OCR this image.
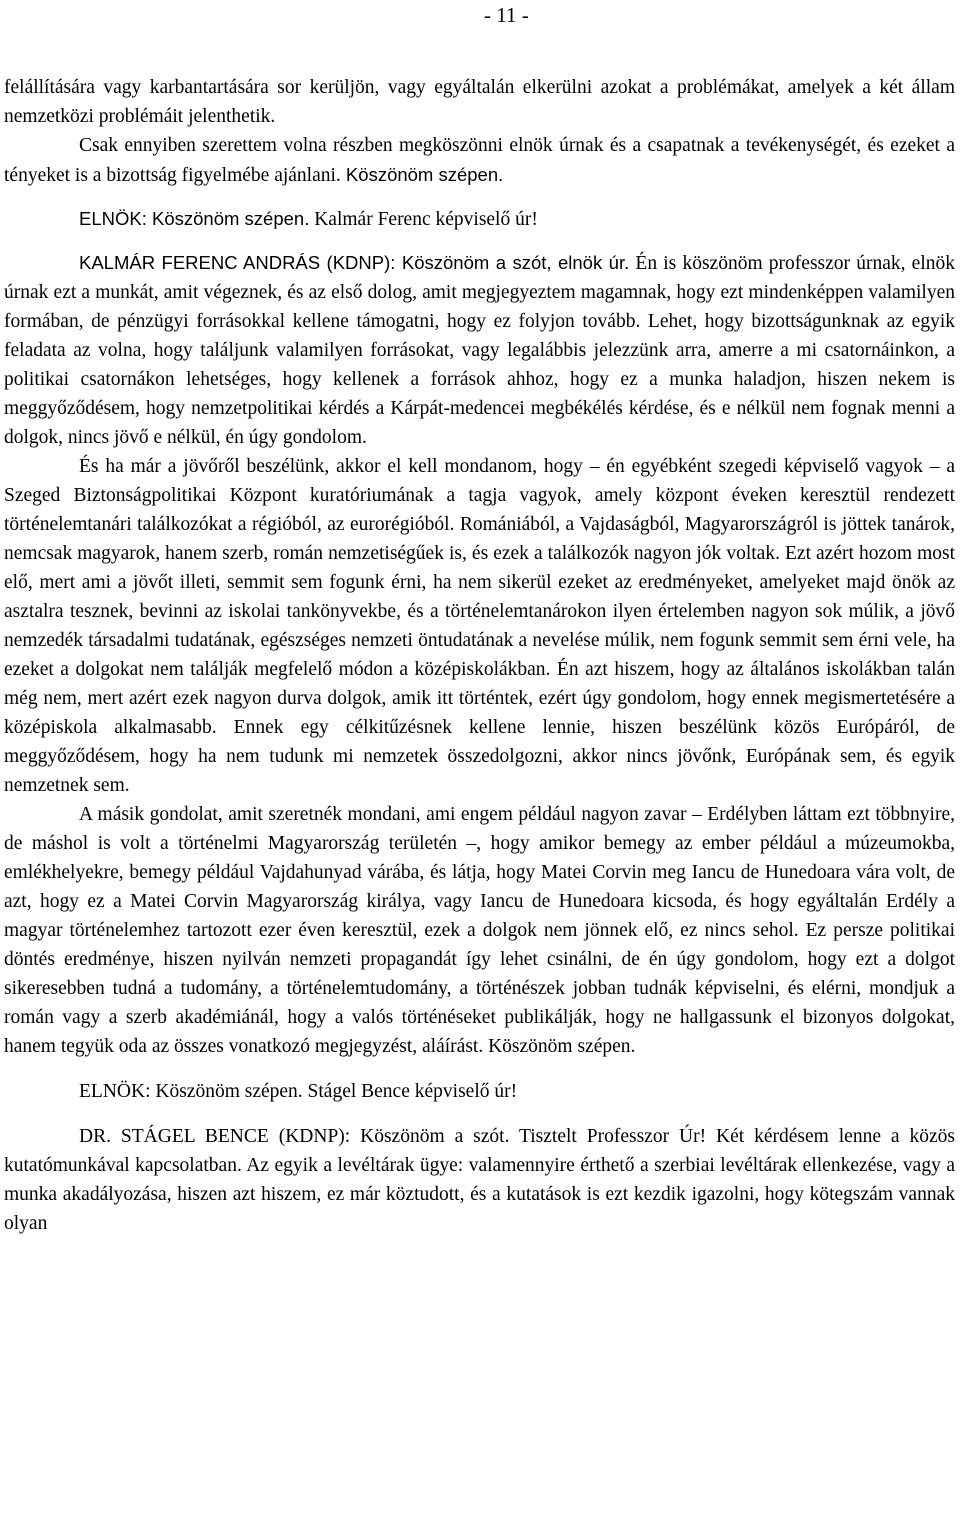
- 11 -

felállítására vagy karbantartására sor kerüljön, vagy egyáltalán elkerülni azokat a problémákat, amelyek a két állam nemzetközi problémáit jelenthetik.

Csak ennyiben szerettem volna részben megköszönni elnök úrnak és a csapatnak a tevékenységét, és ezeket a tényeket is a bizottság figyelmébe ajánlani. Köszönöm szépen.

ELNÖK: Köszönöm szépen. Kalmár Ferenc képviselő úr!

KALMÁR FERENC ANDRÁS (KDNP): Köszönöm a szót, elnök úr. Én is köszönöm professzor úrnak, elnök úrnak ezt a munkát, amit végeznek, és az első dolog, amit megjegyeztem magamnak, hogy ezt mindenképpen valamilyen formában, de pénzügyi forrásokkal kellene támogatni, hogy ez folyjon tovább. Lehet, hogy bizottságunknak az egyik feladata az volna, hogy találjunk valamilyen forrásokat, vagy legalábbis jelezzünk arra, amerre a mi csatornáinkon, a politikai csatornákon lehetséges, hogy kellenek a források ahhoz, hogy ez a munka haladjon, hiszen nekem is meggyőződésem, hogy nemzetpolitikai kérdés a Kárpát-medencei megbékélés kérdése, és e nélkül nem fognak menni a dolgok, nincs jövő e nélkül, én úgy gondolom.

És ha már a jövőről beszélünk, akkor el kell mondanom, hogy – én egyébként szegedi képviselő vagyok – a Szeged Biztonságpolitikai Központ kuratóriumának a tagja vagyok, amely központ éveken keresztül rendezett történelemtanári találkozókat a régióból, az eurorégióból. Romániából, a Vajdaságból, Magyarországról is jöttek tanárok, nemcsak magyarok, hanem szerb, román nemzetiségűek is, és ezek a találkozók nagyon jók voltak. Ezt azért hozom most elő, mert ami a jövőt illeti, semmit sem fogunk érni, ha nem sikerül ezeket az eredményeket, amelyeket majd önök az asztalra tesznek, bevinni az iskolai tankönyvekbe, és a történelemtanárokon ilyen értelemben nagyon sok múlik, a jövő nemzedék társadalmi tudatának, egészséges nemzeti öntudatának a nevelése múlik, nem fogunk semmit sem érni vele, ha ezeket a dolgokat nem találják megfelelő módon a középiskolákban. Én azt hiszem, hogy az általános iskolákban talán még nem, mert azért ezek nagyon durva dolgok, amik itt történtek, ezért úgy gondolom, hogy ennek megismertetésére a középiskola alkalmasabb. Ennek egy célkitűzésnek kellene lennie, hiszen beszélünk közös Európáról, de meggyőződésem, hogy ha nem tudunk mi nemzetek összedolgozni, akkor nincs jövőnk, Európának sem, és egyik nemzetnek sem.

A másik gondolat, amit szeretnék mondani, ami engem például nagyon zavar – Erdélyben láttam ezt többnyire, de máshol is volt a történelmi Magyarország területén –, hogy amikor bemegy az ember például a múzeumokba, emlékhelyekre, bemegy például Vajdahunyad várába, és látja, hogy Matei Corvin meg Iancu de Hunedoara vára volt, de azt, hogy ez a Matei Corvin Magyarország királya, vagy Iancu de Hunedoara kicsoda, és hogy egyáltalán Erdély a magyar történelemhez tartozott ezer éven keresztül, ezek a dolgok nem jönnek elő, ez nincs sehol. Ez persze politikai döntés eredménye, hiszen nyilván nemzeti propagandát így lehet csinálni, de én úgy gondolom, hogy ezt a dolgot sikeresebben tudná a tudomány, a történelemtudomány, a történészek jobban tudnák képviselni, és elérni, mondjuk a román vagy a szerb akadémiánál, hogy a valós történéseket publikálják, hogy ne hallgassunk el bizonyos dolgokat, hanem tegyük oda az összes vonatkozó megjegyzést, aláírást. Köszönöm szépen.

ELNÖK: Köszönöm szépen. Stágel Bence képviselő úr!

DR. STÁGEL BENCE (KDNP): Köszönöm a szót. Tisztelt Professzor Úr! Két kérdésem lenne a közös kutatómunkával kapcsolatban. Az egyik a levéltárak ügye: valamennyire érthető a szerbiai levéltárak ellenkezése, vagy a munka akadályozása, hiszen azt hiszem, ez már köztudott, és a kutatások is ezt kezdik igazolni, hogy kötegszám vannak olyan
